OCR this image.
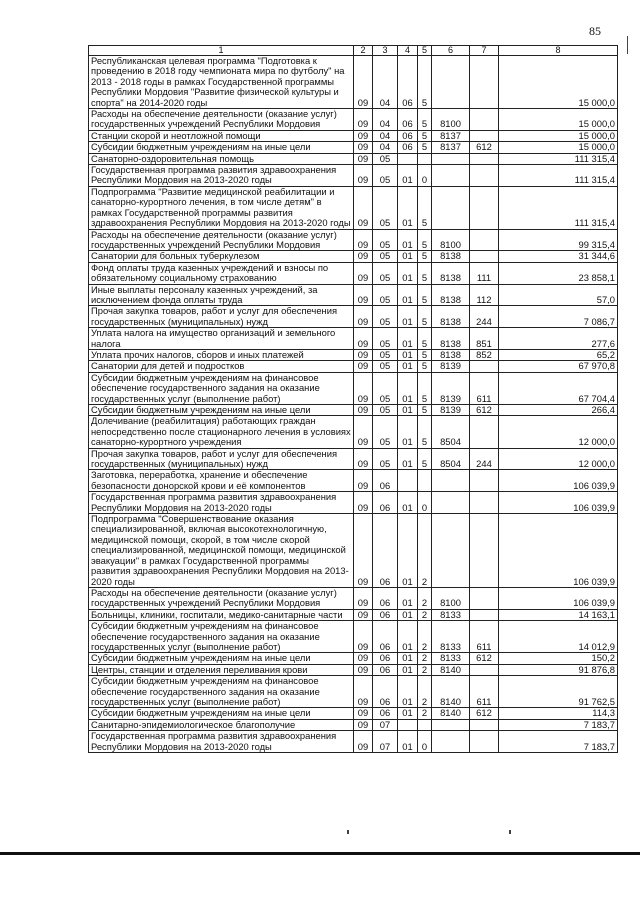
85
1	2	3	4	5	6	7	8
Республиканская целевая программа "Подготовка к проведению в 2018 году чемпионата мира по футболу" на 2013 - 2018 годы в рамках Государственной программы Республики Мордовия "Развитие физической культуры и спорта" на 2014-2020 годы	09	04	06	5			15 000,0
Расходы на обеспечение деятельности (оказание услуг) государственных учреждений Республики Мордовия	09	04	06	5	8100		15 000,0
Станции скорой и неотложной помощи	09	04	06	5	8137		15 000,0
Субсидии бюджетным учреждениям на иные цели	09	04	06	5	8137	612	15 000,0
Санаторно-оздоровительная помощь	09	05					111 315,4
Государственная программа развития здравоохранения Республики Мордовия на 2013-2020 годы	09	05	01	0			111 315,4
Подпрограмма "Развитие медицинской реабилитации и санаторно-курортного лечения, в том числе детям" в рамках Государственной программы развития здравоохранения Республики Мордовия на 2013-2020 годы	09	05	01	5			111 315,4
Расходы на обеспечение деятельности (оказание услуг) государственных учреждений Республики Мордовия	09	05	01	5	8100		99 315,4
Санатории для больных туберкулезом	09	05	01	5	8138		31 344,6
Фонд оплаты труда казенных учреждений и взносы по обязательному социальному страхованию	09	05	01	5	8138	111	23 858,1
Иные выплаты персоналу казенных учреждений, за исключением фонда оплаты труда	09	05	01	5	8138	112	57,0
Прочая закупка товаров, работ и услуг для обеспечения государственных (муниципальных) нужд	09	05	01	5	8138	244	7 086,7
Уплата налога на имущество организаций и земельного налога	09	05	01	5	8138	851	277,6
Уплата прочих налогов, сборов и иных платежей	09	05	01	5	8138	852	65,2
Санатории для детей и подростков	09	05	01	5	8139		67 970,8
Субсидии бюджетным учреждениям на финансовое обеспечение государственного задания на оказание государственных услуг (выполнение работ)	09	05	01	5	8139	611	67 704,4
Субсидии бюджетным учреждениям на иные цели	09	05	01	5	8139	612	266,4
Долечивание (реабилитация) работающих граждан непосредственно после стационарного лечения в условиях санаторно-курортного учреждения	09	05	01	5	8504		12 000,0
Прочая закупка товаров, работ и услуг для обеспечения государственных (муниципальных) нужд	09	05	01	5	8504	244	12 000,0
Заготовка, переработка, хранение и обеспечение безопасности донорской крови и её компонентов	09	06					106 039,9
Государственная программа развития здравоохранения Республики Мордовия на 2013-2020 годы	09	06	01	0			106 039,9
Подпрограмма "Совершенствование оказания специализированной, включая высокотехнологичную, медицинской помощи, скорой, в том числе скорой специализированной, медицинской помощи, медицинской эвакуации" в рамках Государственной программы развития здравоохранения Республики Мордовия на 2013-2020 годы	09	06	01	2			106 039,9
Расходы на обеспечение деятельности (оказание услуг) государственных учреждений Республики Мордовия	09	06	01	2	8100		106 039,9
Больницы, клиники, госпитали, медико-санитарные части	09	06	01	2	8133		14 163,1
Субсидии бюджетным учреждениям на финансовое обеспечение государственного задания на оказание государственных услуг (выполнение работ)	09	06	01	2	8133	611	14 012,9
Субсидии бюджетным учреждениям на иные цели	09	06	01	2	8133	612	150,2
Центры, станции и отделения переливания крови	09	06	01	2	8140		91 876,8
Субсидии бюджетным учреждениям на финансовое обеспечение государственного задания на оказание государственных услуг (выполнение работ)	09	06	01	2	8140	611	91 762,5
Субсидии бюджетным учреждениям на иные цели	09	06	01	2	8140	612	114,3
Санитарно-эпидемиологическое благополучие	09	07					7 183,7
Государственная программа развития здравоохранения Республики Мордовия на 2013-2020 годы	09	07	01	0			7 183,7
